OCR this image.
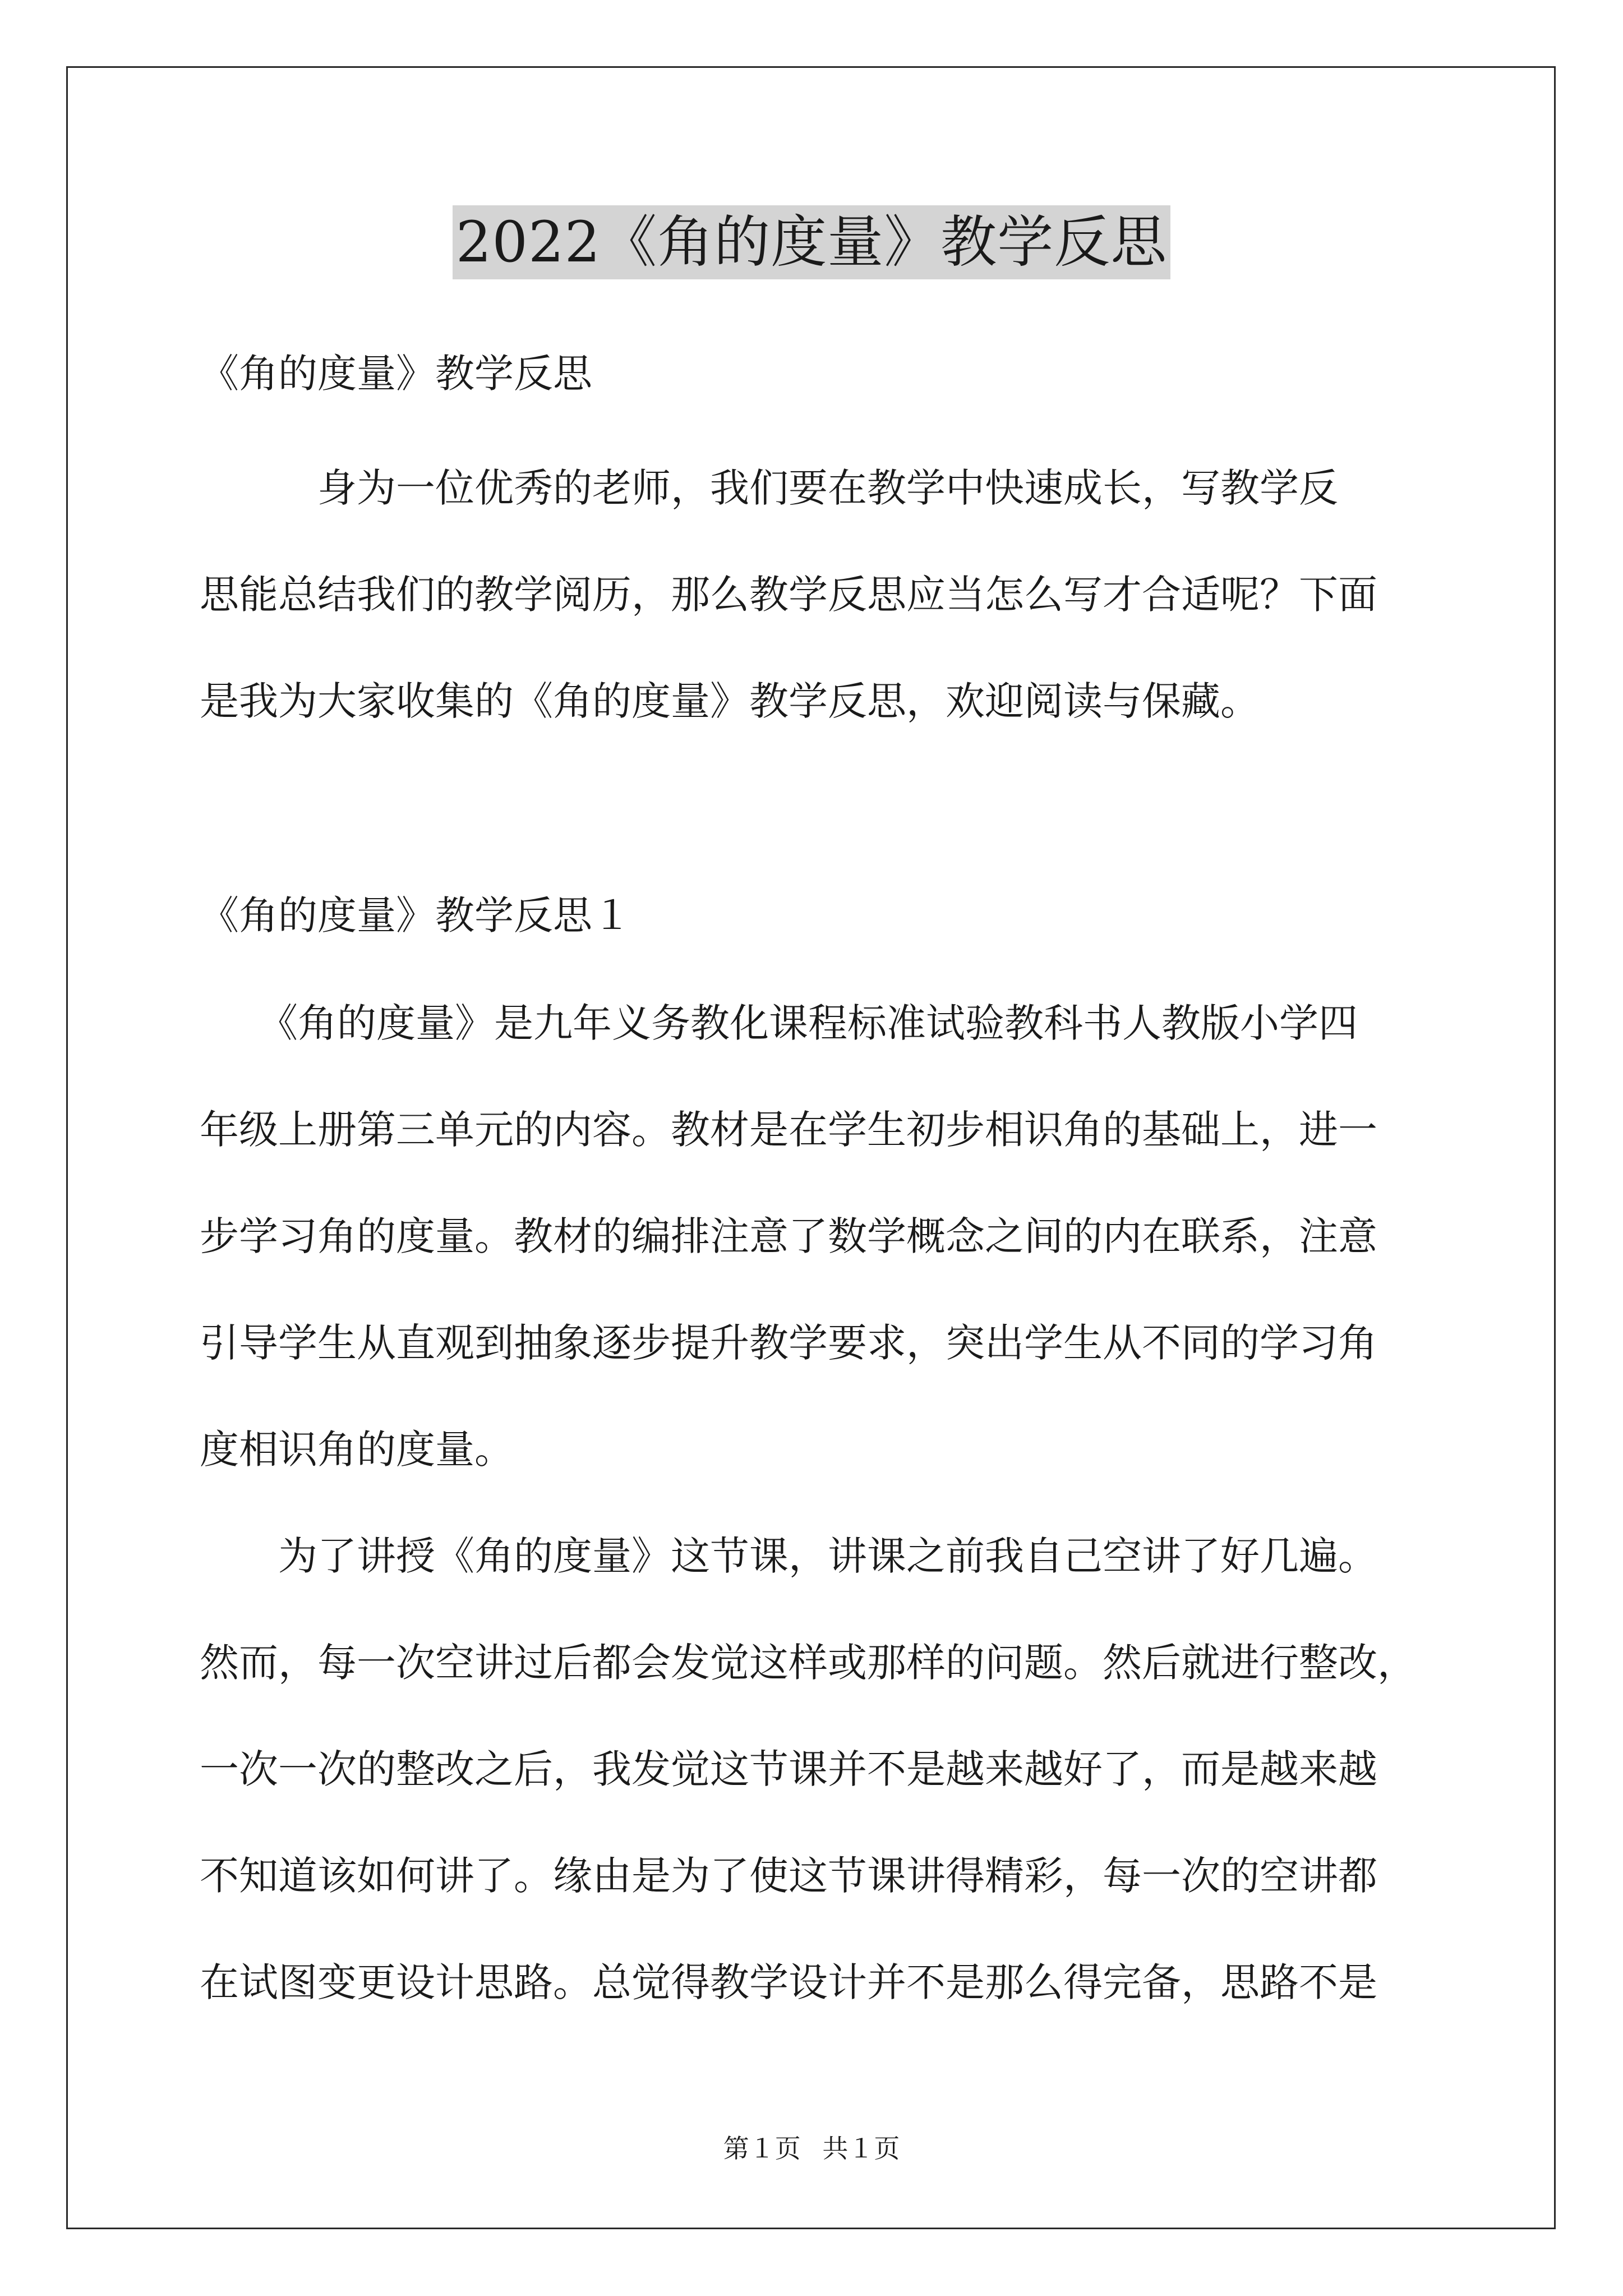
2022《角的度量》教学反思
《角的度量》教学反思
　　　身为一位优秀的老师，我们要在教学中快速成长，写教学反
思能总结我们的教学阅历，那么教学反思应当怎么写才合适呢？下面
是我为大家收集的《角的度量》教学反思，欢迎阅读与保藏。
《角的度量》教学反思１
　　《角的度量》是九年义务教化课程标准试验教科书人教版小学四
年级上册第三单元的内容。教材是在学生初步相识角的基础上，进一
步学习角的度量。教材的编排注意了数学概念之间的内在联系，注意
引导学生从直观到抽象逐步提升教学要求，突出学生从不同的学习角
度相识角的度量。
　　为了讲授《角的度量》这节课，讲课之前我自己空讲了好几遍。
然而，每一次空讲过后都会发觉这样或那样的问题。然后就进行整改，
一次一次的整改之后，我发觉这节课并不是越来越好了，而是越来越
不知道该如何讲了。缘由是为了使这节课讲得精彩，每一次的空讲都
在试图变更设计思路。总觉得教学设计并不是那么得完备，思路不是
第１页 共１页
